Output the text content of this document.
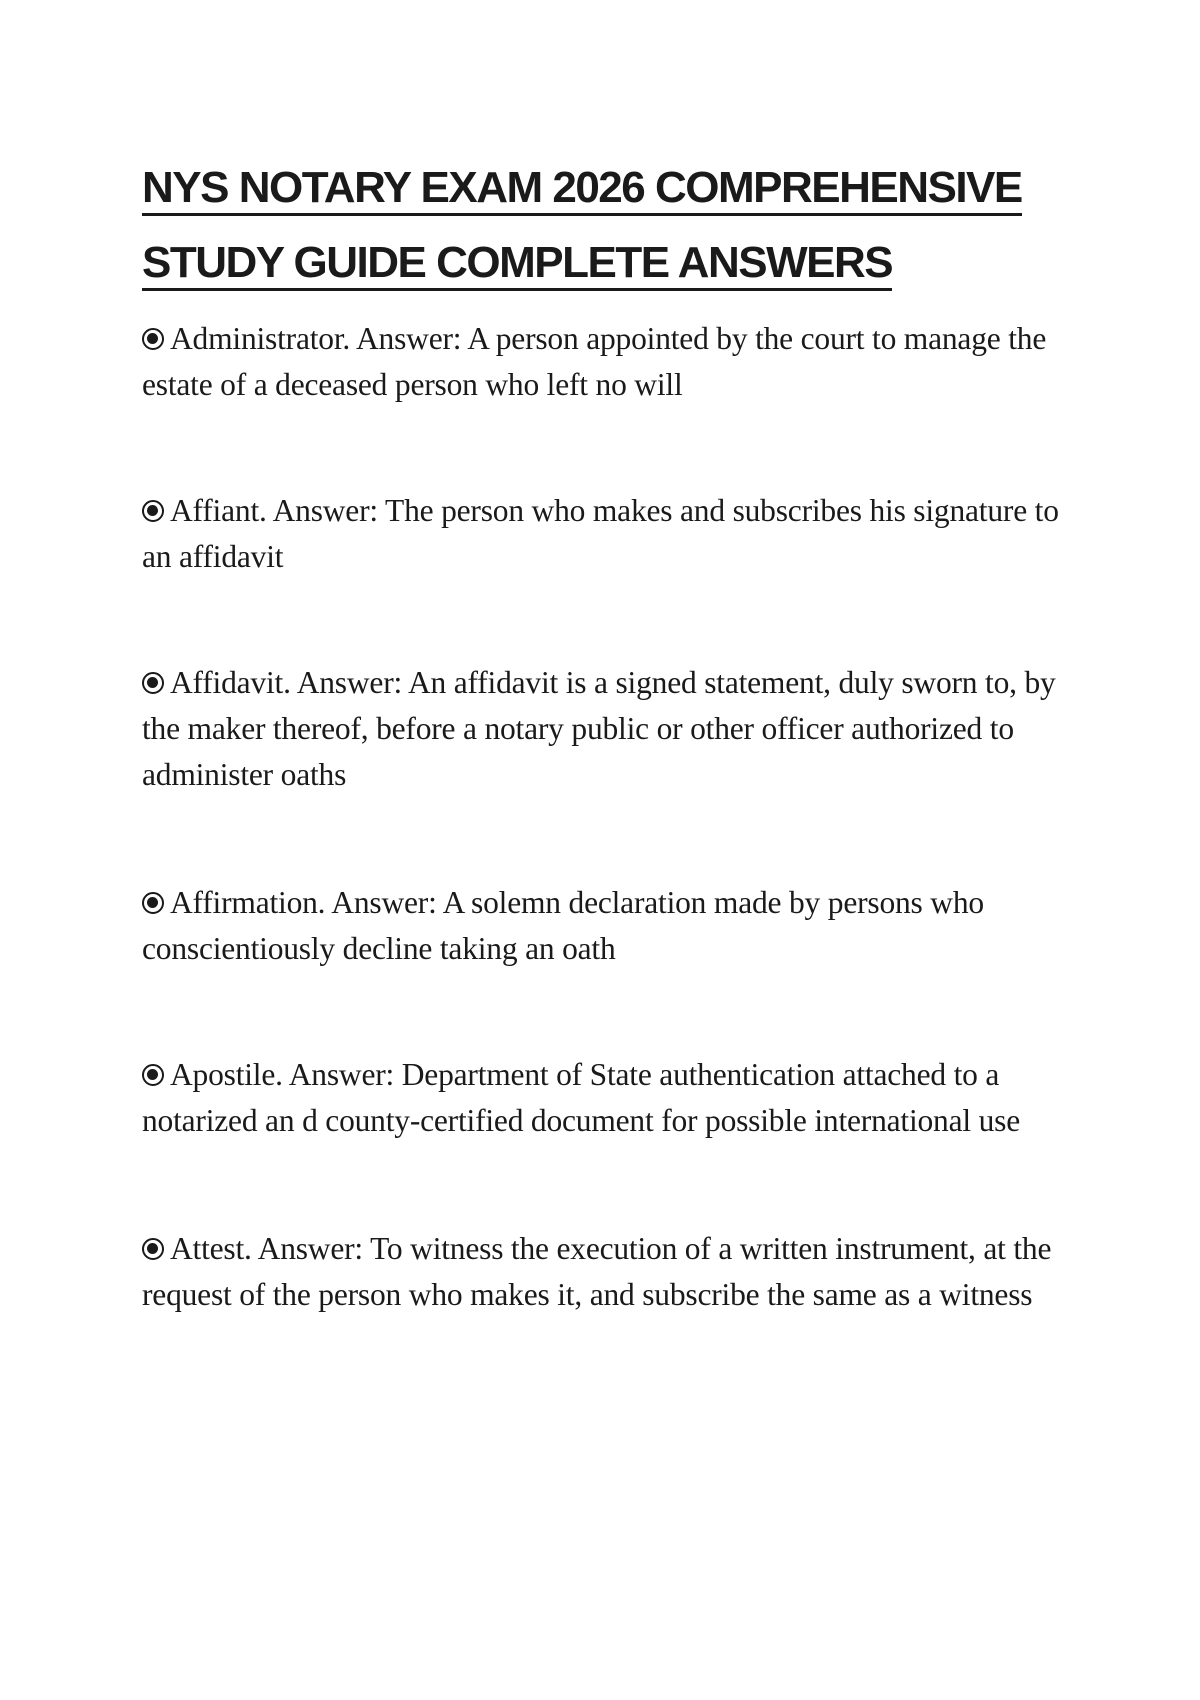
NYS NOTARY EXAM 2026 COMPREHENSIVE
STUDY GUIDE COMPLETE ANSWERS

Administrator. Answer: A person appointed by the court to manage the estate of a deceased person who left no will

Affiant. Answer: The person who makes and subscribes his signature to an affidavit

Affidavit. Answer: An affidavit is a signed statement, duly sworn to, by the maker thereof, before a notary public or other officer authorized to administer oaths

Affirmation. Answer: A solemn declaration made by persons who conscientiously decline taking an oath

Apostile. Answer: Department of State authentication attached to a notarized an d county-certified document for possible international use

Attest. Answer: To witness the execution of a written instrument, at the request of the person who makes it, and subscribe the same as a witness
